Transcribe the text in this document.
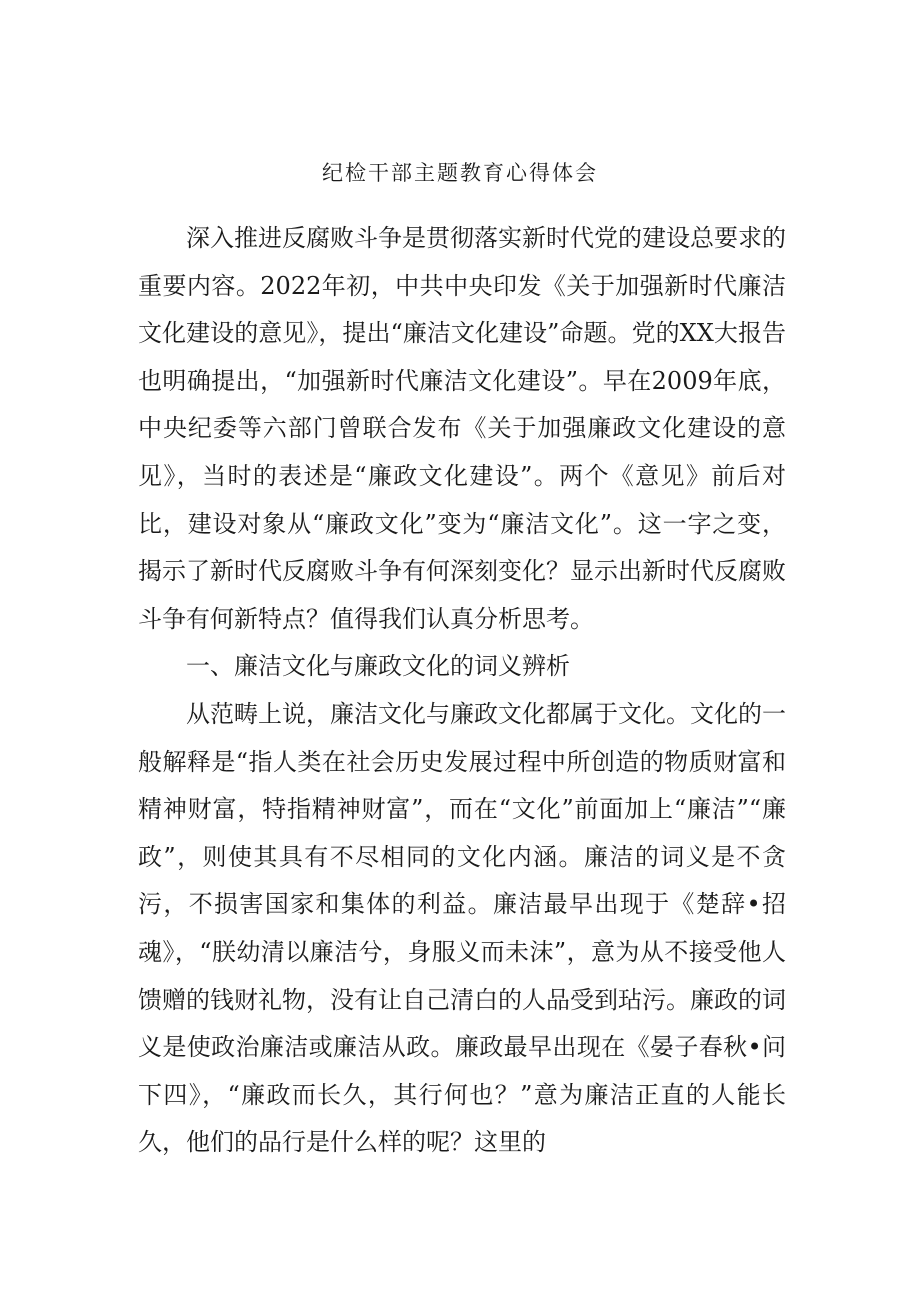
纪检干部主题教育心得体会

深入推进反腐败斗争是贯彻落实新时代党的建设总要求的重要内容。2022年初，中共中央印发《关于加强新时代廉洁文化建设的意见》，提出“廉洁文化建设”命题。党的XX大报告也明确提出，“加强新时代廉洁文化建设”。早在2009年底，中央纪委等六部门曾联合发布《关于加强廉政文化建设的意见》，当时的表述是“廉政文化建设”。两个《意见》前后对比，建设对象从“廉政文化”变为“廉洁文化”。这一字之变，揭示了新时代反腐败斗争有何深刻变化？显示出新时代反腐败斗争有何新特点？值得我们认真分析思考。

一、廉洁文化与廉政文化的词义辨析

从范畴上说，廉洁文化与廉政文化都属于文化。文化的一般解释是“指人类在社会历史发展过程中所创造的物质财富和精神财富，特指精神财富”，而在“文化”前面加上“廉洁”“廉政”，则使其具有不尽相同的文化内涵。廉洁的词义是不贪污，不损害国家和集体的利益。廉洁最早出现于《楚辞•招魂》，“朕幼清以廉洁兮，身服义而未沫”，意为从不接受他人馈赠的钱财礼物，没有让自己清白的人品受到玷污。廉政的词义是使政治廉洁或廉洁从政。廉政最早出现在《晏子春秋•问下四》，“廉政而长久，其行何也？”意为廉洁正直的人能长久，他们的品行是什么样的呢？这里的
